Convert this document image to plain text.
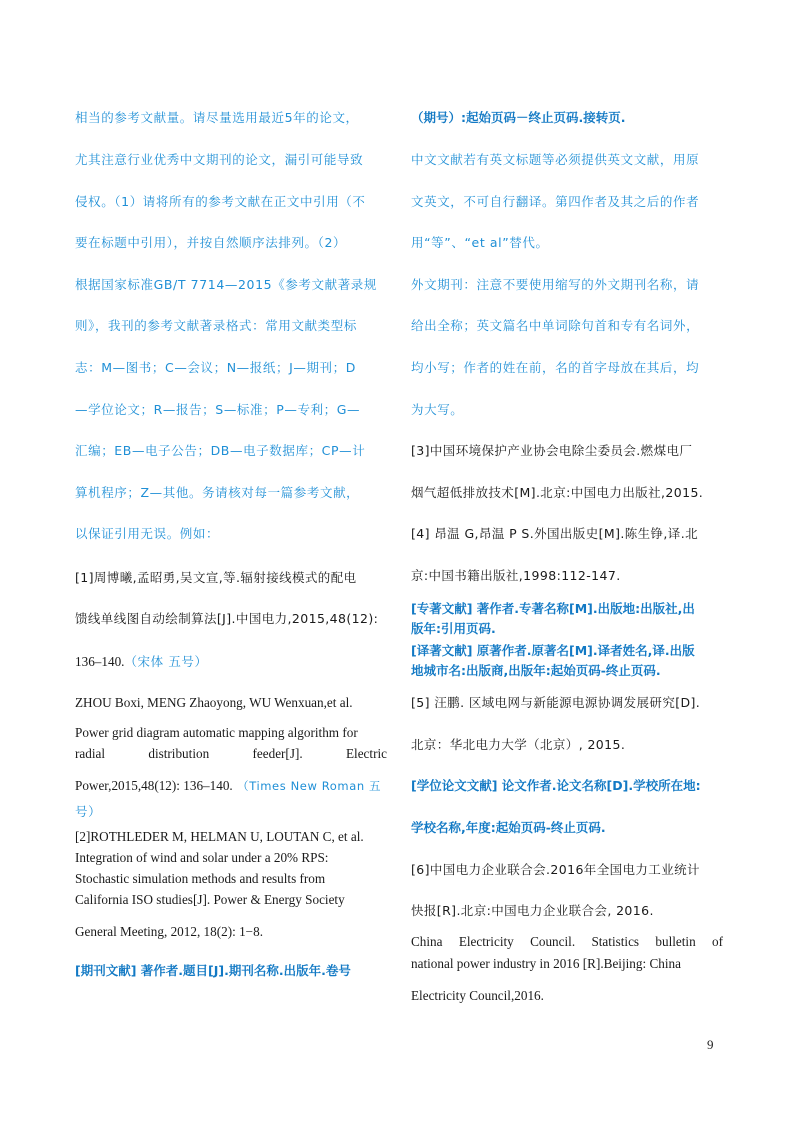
相当的参考文献量。请尽量选用最近5年的论文，
尤其注意行业优秀中文期刊的论文，漏引可能导致
侵权。（1）请将所有的参考文献在正文中引用（不
要在标题中引用），并按自然顺序法排列。（2）
根据国家标准GB/T 7714—2015《参考文献著录规
则》，我刊的参考文献著录格式：常用文献类型标
志：M—图书；C—会议；N—报纸；J—期刊；D
—学位论文；R—报告；S—标准；P—专利；G—
汇编；EB—电子公告；DB—电子数据库；CP—计
算机程序；Z—其他。务请核对每一篇参考文献，
以保证引用无误。例如：
[1]周博曦,孟昭勇,吴文宣,等.辐射接线模式的配电
馈线单线图自动绘制算法[J].中国电力,2015,48(12):
136–140.（宋体 五号）
ZHOU Boxi, MENG Zhaoyong, WU Wenxuan,et al.
Power grid diagram automatic mapping algorithm for
radial	distribution	feeder[J].	Electric
Power,2015,48(12): 136–140. （Times New Roman 五
号）
[2]ROTHLEDER M, HELMAN U, LOUTAN C, et al.
Integration of wind and solar under a 20% RPS:
Stochastic simulation methods and results from
California ISO studies[J]. Power & Energy Society
General Meeting, 2012, 18(2): 1−8.
[期刊文献] 著作者.题目[J].期刊名称.出版年.卷号
（期号）:起始页码－终止页码.接转页.
中文文献若有英文标题等必须提供英文文献，用原
文英文，不可自行翻译。第四作者及其之后的作者
用“等”、“et al”替代。
外文期刊：注意不要使用缩写的外文期刊名称，请
给出全称；英文篇名中单词除句首和专有名词外，
均小写；作者的姓在前，名的首字母放在其后，均
为大写。
[3]中国环境保护产业协会电除尘委员会.燃煤电厂
烟气超低排放技术[M].北京:中国电力出版社,2015.
[4] 昂温 G,昂温 P S.外国出版史[M].陈生铮,译.北
京:中国书籍出版社,1998:112-147.
[专著文献] 著作者.专著名称[M].出版地:出版社,出
版年:引用页码.
[译著文献] 原著作者.原著名[M].译者姓名,译.出版
地城市名:出版商,出版年:起始页码-终止页码.
[5] 汪鹏. 区域电网与新能源电源协调发展研究[D].
北京：华北电力大学（北京）, 2015.
[学位论文文献] 论文作者.论文名称[D].学校所在地:
学校名称,年度:起始页码-终止页码.
[6]中国电力企业联合会.2016年全国电力工业统计
快报[R].北京:中国电力企业联合会, 2016.
China Electricity Council. Statistics bulletin of
national power industry in 2016 [R].Beijing: China
Electricity Council,2016.
9
